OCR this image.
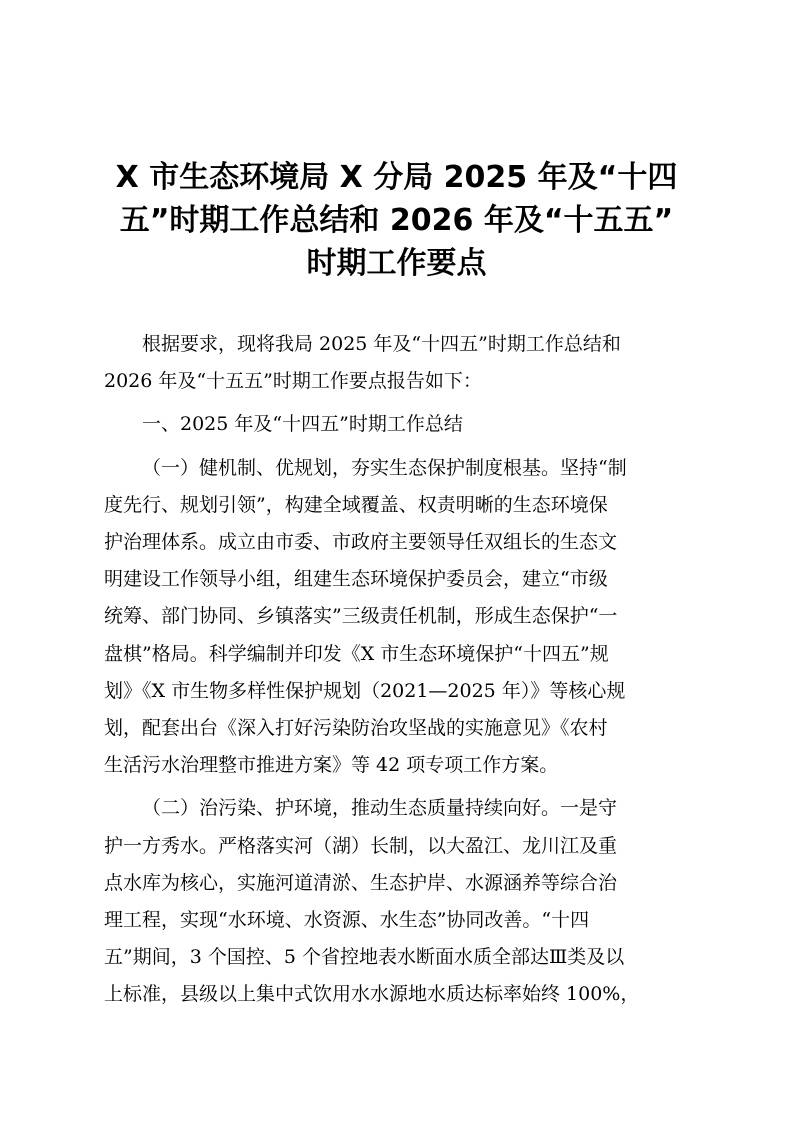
X 市生态环境局 X 分局 2025 年及“十四
五”时期工作总结和 2026 年及“十五五”
时期工作要点

根据要求，现将我局 2025 年及“十四五”时期工作总结和
2026 年及“十五五”时期工作要点报告如下：

一、2025 年及“十四五”时期工作总结

（一）健机制、优规划，夯实生态保护制度根基。坚持“制
度先行、规划引领”，构建全域覆盖、权责明晰的生态环境保
护治理体系。成立由市委、市政府主要领导任双组长的生态文
明建设工作领导小组，组建生态环境保护委员会，建立“市级
统筹、部门协同、乡镇落实”三级责任机制，形成生态保护“一
盘棋”格局。科学编制并印发《X 市生态环境保护“十四五”规
划》《X 市生物多样性保护规划（2021—2025 年）》等核心规
划，配套出台《深入打好污染防治攻坚战的实施意见》《农村
生活污水治理整市推进方案》等 42 项专项工作方案。

（二）治污染、护环境，推动生态质量持续向好。一是守
护一方秀水。严格落实河（湖）长制，以大盈江、龙川江及重
点水库为核心，实施河道清淤、生态护岸、水源涵养等综合治
理工程，实现“水环境、水资源、水生态”协同改善。“十四
五”期间，3 个国控、5 个省控地表水断面水质全部达Ⅲ类及以
上标准，县级以上集中式饮用水水源地水质达标率始终 100%，
